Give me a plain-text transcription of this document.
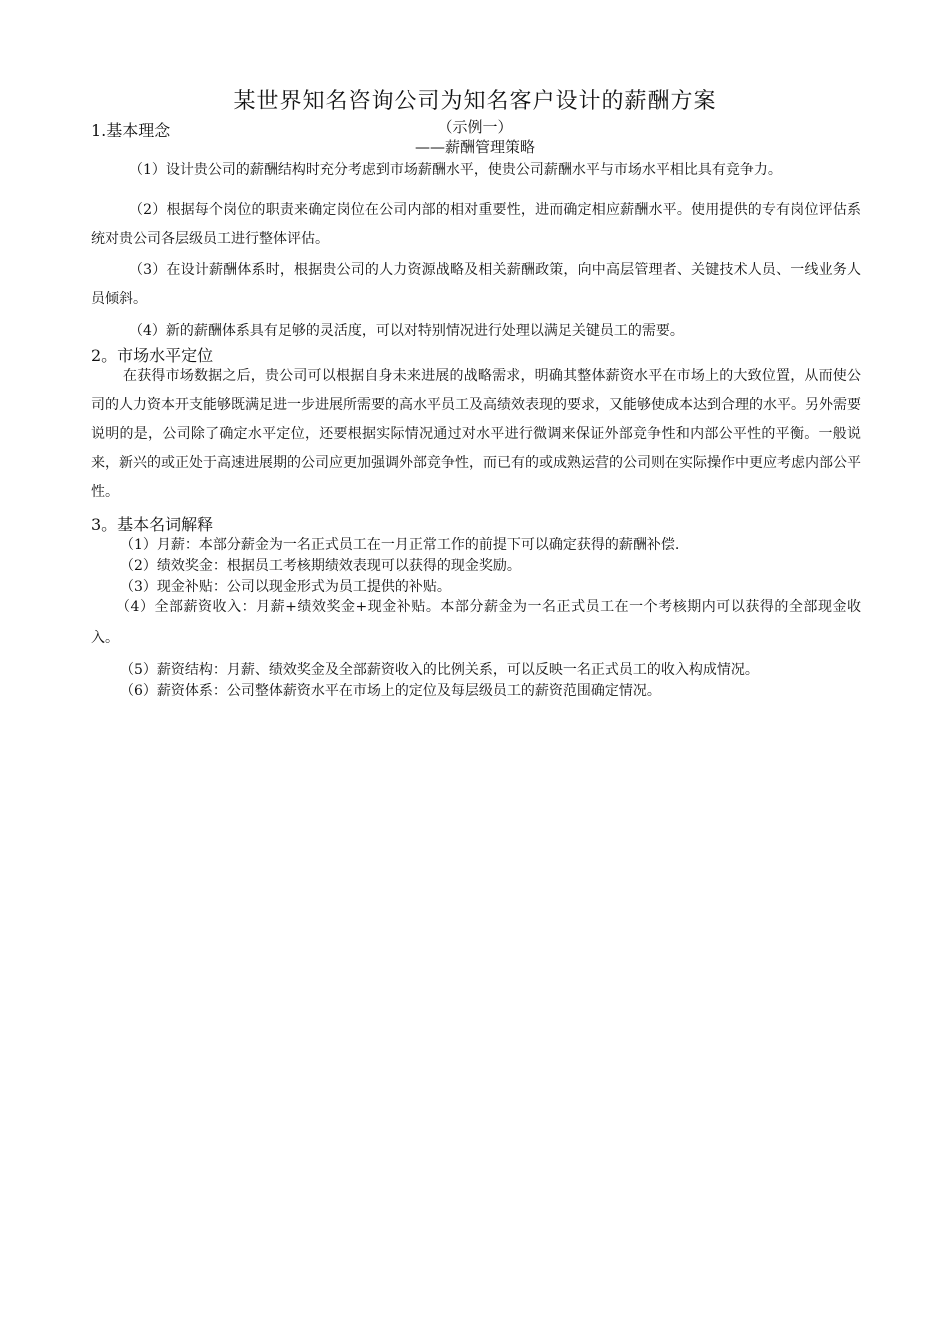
某世界知名咨询公司为知名客户设计的薪酬方案
1.基本理念	（示例一）
——薪酬管理策略
（1）设计贵公司的薪酬结构时充分考虑到市场薪酬水平，使贵公司薪酬水平与市场水平相比具有竞争力。
（2）根据每个岗位的职责来确定岗位在公司内部的相对重要性，进而确定相应薪酬水平。使用提供的专有岗位评估系统对贵公司各层级员工进行整体评估。
（3）在设计薪酬体系时，根据贵公司的人力资源战略及相关薪酬政策，向中高层管理者、关键技术人员、一线业务人员倾斜。
（4）新的薪酬体系具有足够的灵活度，可以对特别情况进行处理以满足关键员工的需要。
2。市场水平定位
在获得市场数据之后，贵公司可以根据自身未来进展的战略需求，明确其整体薪资水平在市场上的大致位置，从而使公司的人力资本开支能够既满足进一步进展所需要的高水平员工及高绩效表现的要求，又能够使成本达到合理的水平。另外需要说明的是，公司除了确定水平定位，还要根据实际情况通过对水平进行微调来保证外部竞争性和内部公平性的平衡。一般说来，新兴的或正处于高速进展期的公司应更加强调外部竞争性，而已有的或成熟运营的公司则在实际操作中更应考虑内部公平性。
3。基本名词解释
（1）月薪：本部分薪金为一名正式员工在一月正常工作的前提下可以确定获得的薪酬补偿.
（2）绩效奖金：根据员工考核期绩效表现可以获得的现金奖励。
（3）现金补贴：公司以现金形式为员工提供的补贴。
（4）全部薪资收入：月薪+绩效奖金+现金补贴。本部分薪金为一名正式员工在一个考核期内可以获得的全部现金收入。
（5）薪资结构：月薪、绩效奖金及全部薪资收入的比例关系，可以反映一名正式员工的收入构成情况。
（6）薪资体系：公司整体薪资水平在市场上的定位及每层级员工的薪资范围确定情况。
